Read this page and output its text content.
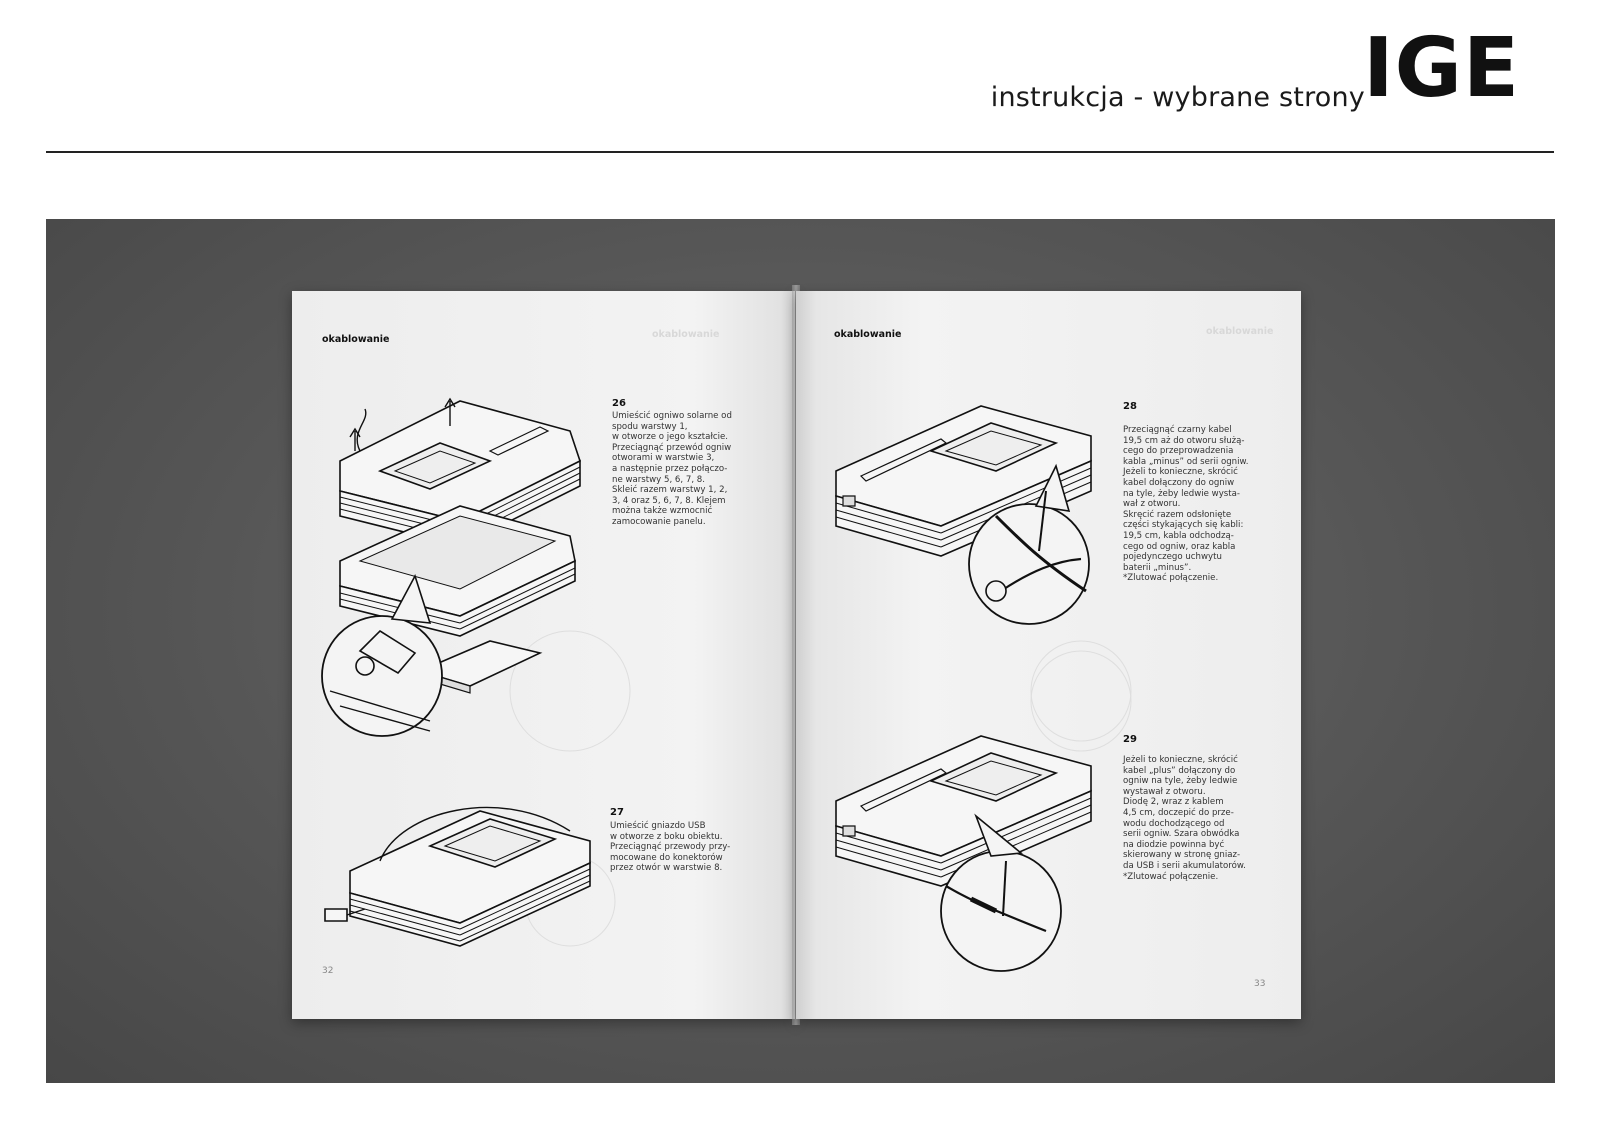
instrukcja - wybrane strony
IGE
okablowanie	okablowanie
26
Umieścić ogniwo solarne od
spodu warstwy 1,
w otworze o jego kształcie.
Przeciągnąć przewód ogniw
otworami w warstwie 3,
a następnie przez połączo-
ne warstwy 5, 6, 7, 8.
Skleić razem warstwy 1, 2,
3, 4 oraz 5, 6, 7, 8. Klejem
można także wzmocnić
zamocowanie panelu.
27
Umieścić gniazdo USB
w otworze z boku obiektu.
Przeciągnąć przewody przy-
mocowane do konektorów
przez otwór w warstwie 8.
32
okablowanie	okablowanie
28
Przeciągnąć czarny kabel
19,5 cm aż do otworu służą-
cego do przeprowadzenia
kabla „minus” od serii ogniw.
Jeżeli to konieczne, skrócić
kabel dołączony do ogniw
na tyle, żeby ledwie wysta-
wał z otworu.
Skręcić razem odsłonięte
części stykających się kabli:
19,5 cm, kabla odchodzą-
cego od ogniw, oraz kabla
pojedynczego uchwytu
baterii „minus”.
*Zlutować połączenie.
29
Jeżeli to konieczne, skrócić
kabel „plus” dołączony do
ogniw na tyle, żeby ledwie
wystawał z otworu.
Diodę 2, wraz z kablem
4,5 cm, doczepić do prze-
wodu dochodzącego od
serii ogniw. Szara obwódka
na diodzie powinna być
skierowany w stronę gniaz-
da USB i serii akumulatorów.
*Zlutować połączenie.
33
